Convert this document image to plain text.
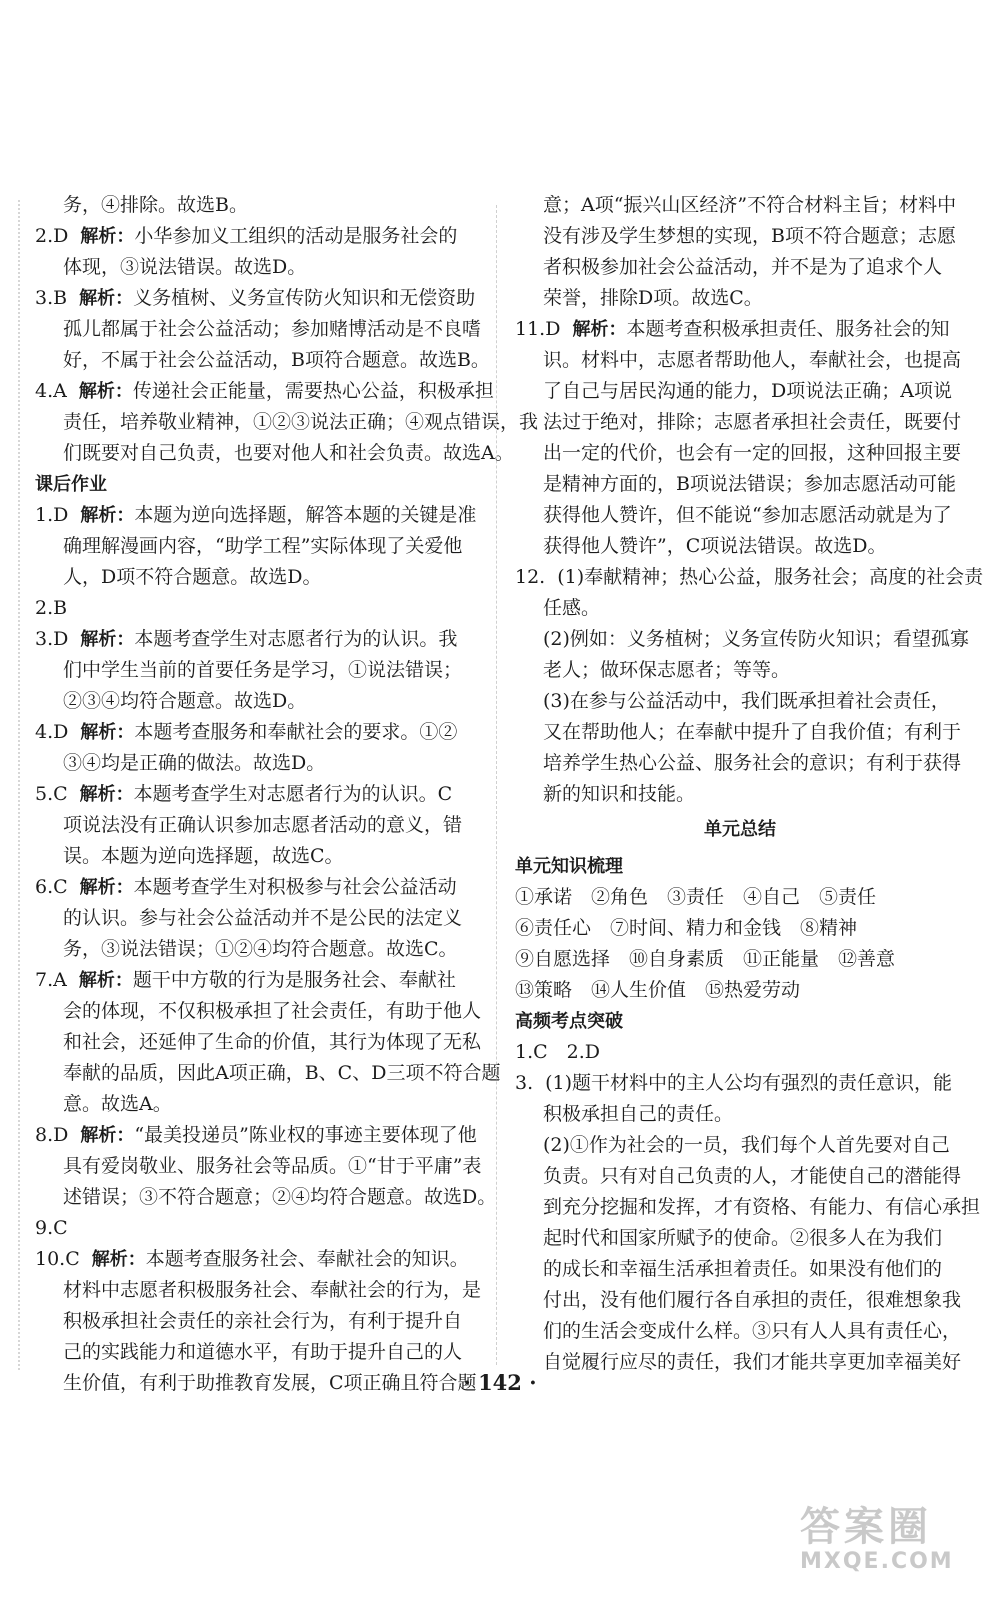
务，④排除。故选B。
2.D 解析：小华参加义工组织的活动是服务社会的
体现，③说法错误。故选D。
3.B 解析：义务植树、义务宣传防火知识和无偿资助
孤儿都属于社会公益活动；参加赌博活动是不良嗜
好，不属于社会公益活动，B项符合题意。故选B。
4.A 解析：传递社会正能量，需要热心公益，积极承担
责任，培养敬业精神，①②③说法正确；④观点错误，我
们既要对自己负责，也要对他人和社会负责。故选A。
课后作业
1.D 解析：本题为逆向选择题，解答本题的关键是准
确理解漫画内容，“助学工程”实际体现了关爱他
人，D项不符合题意。故选D。
2.B
3.D 解析：本题考查学生对志愿者行为的认识。我
们中学生当前的首要任务是学习，①说法错误；
②③④均符合题意。故选D。
4.D 解析：本题考查服务和奉献社会的要求。①②
③④均是正确的做法。故选D。
5.C 解析：本题考查学生对志愿者行为的认识。C
项说法没有正确认识参加志愿者活动的意义，错
误。本题为逆向选择题，故选C。
6.C 解析：本题考查学生对积极参与社会公益活动
的认识。参与社会公益活动并不是公民的法定义
务，③说法错误；①②④均符合题意。故选C。
7.A 解析：题干中方敬的行为是服务社会、奉献社
会的体现，不仅积极承担了社会责任，有助于他人
和社会，还延伸了生命的价值，其行为体现了无私
奉献的品质，因此A项正确，B、C、D三项不符合题
意。故选A。
8.D 解析：“最美投递员”陈业权的事迹主要体现了他
具有爱岗敬业、服务社会等品质。①“甘于平庸”表
述错误；③不符合题意；②④均符合题意。故选D。
9.C
10.C 解析：本题考查服务社会、奉献社会的知识。
材料中志愿者积极服务社会、奉献社会的行为，是
积极承担社会责任的亲社会行为，有利于提升自
己的实践能力和道德水平，有助于提升自己的人
生价值，有利于助推教育发展，C项正确且符合题
意；A项“振兴山区经济”不符合材料主旨；材料中
没有涉及学生梦想的实现，B项不符合题意；志愿
者积极参加社会公益活动，并不是为了追求个人
荣誉，排除D项。故选C。
11.D 解析：本题考查积极承担责任、服务社会的知
识。材料中，志愿者帮助他人，奉献社会，也提高
了自己与居民沟通的能力，D项说法正确；A项说
法过于绝对，排除；志愿者承担社会责任，既要付
出一定的代价，也会有一定的回报，这种回报主要
是精神方面的，B项说法错误；参加志愿活动可能
获得他人赞许，但不能说“参加志愿活动就是为了
获得他人赞许”，C项说法错误。故选D。
12. (1)奉献精神；热心公益，服务社会；高度的社会责
任感。
(2)例如：义务植树；义务宣传防火知识；看望孤寡
老人；做环保志愿者；等等。
(3)在参与公益活动中，我们既承担着社会责任，
又在帮助他人；在奉献中提升了自我价值；有利于
培养学生热心公益、服务社会的意识；有利于获得
新的知识和技能。
单元总结
单元知识梳理
①承诺　②角色　③责任　④自己　⑤责任
⑥责任心　⑦时间、精力和金钱　⑧精神
⑨自愿选择　⑩自身素质　⑪正能量　⑫善意
⑬策略　⑭人生价值　⑮热爱劳动
高频考点突破
1.C　2.D
3. (1)题干材料中的主人公均有强烈的责任意识，能
积极承担自己的责任。
(2)①作为社会的一员，我们每个人首先要对自己
负责。只有对自己负责的人，才能使自己的潜能得
到充分挖掘和发挥，才有资格、有能力、有信心承担
起时代和国家所赋予的使命。②很多人在为我们
的成长和幸福生活承担着责任。如果没有他们的
付出，没有他们履行各自承担的责任，很难想象我
们的生活会变成什么样。③只有人人具有责任心，
自觉履行应尽的责任，我们才能共享更加幸福美好
· 142 ·
答案圈
MXQE.COM
